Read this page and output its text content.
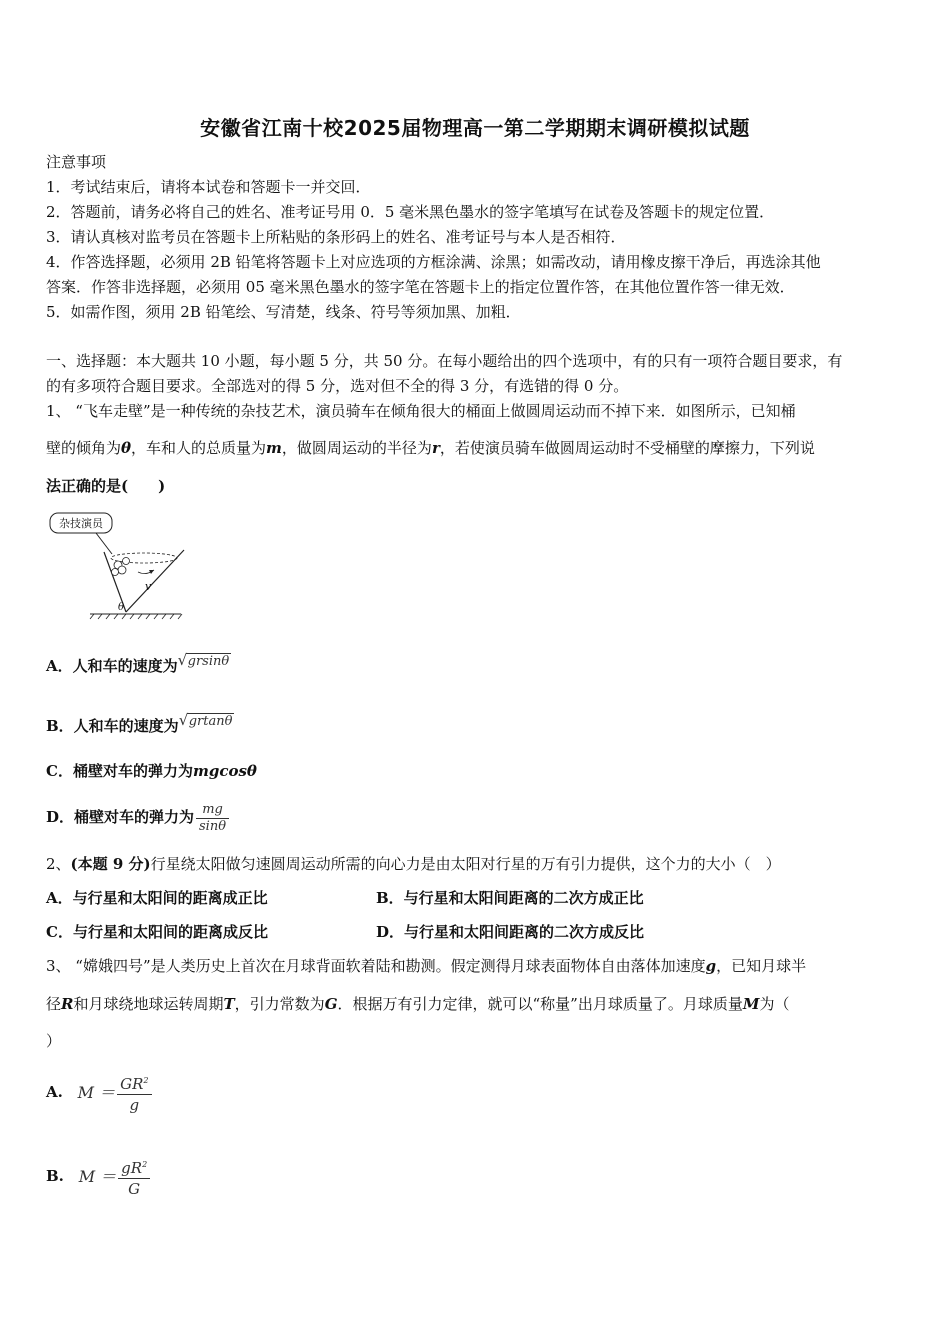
安徽省江南十校2025届物理高一第二学期期末调研模拟试题
注意事项
1．考试结束后，请将本试卷和答题卡一并交回．
2．答题前，请务必将自己的姓名、准考证号用 0．5 毫米黑色墨水的签字笔填写在试卷及答题卡的规定位置．
3．请认真核对监考员在答题卡上所粘贴的条形码上的姓名、准考证号与本人是否相符．
4．作答选择题，必须用 2B 铅笔将答题卡上对应选项的方框涂满、涂黑；如需改动，请用橡皮擦干净后，再选涂其他
答案．作答非选择题，必须用 05 毫米黑色墨水的签字笔在答题卡上的指定位置作答，在其他位置作答一律无效．
5．如需作图，须用 2B 铅笔绘、写清楚，线条、符号等须加黑、加粗．
一、选择题：本大题共 10 小题，每小题 5 分，共 50 分。在每小题给出的四个选项中，有的只有一项符合题目要求，有
的有多项符合题目要求。全部选对的得 5 分，选对但不全的得 3 分，有选错的得 0 分。
1、 “飞车走壁”是一种传统的杂技艺术，演员骑车在倾角很大的桶面上做圆周运动而不掉下来．如图所示，已知桶
壁的倾角为θ，车和人的总质量为m，做圆周运动的半径为r，若使演员骑车做圆周运动时不受桶壁的摩擦力，下列说
法正确的是(　　)
杂技演员
v
θ
A．人和车的速度为 √ grsinθ
B．人和车的速度为 √ grtanθ
C．桶壁对车的弹力为mgcosθ
D．桶壁对车的弹力为 $\frac{mg}{\sin\theta}$
2、(本题 9 分)行星绕太阳做匀速圆周运动所需的向心力是由太阳对行星的万有引力提供，这个力的大小（　）
A．与行星和太阳间的距离成正比	B．与行星和太阳间距离的二次方成正比
C．与行星和太阳间的距离成反比	D．与行星和太阳间距离的二次方成反比
3、 “嫦娥四号”是人类历史上首次在月球背面软着陆和勘测。假定测得月球表面物体自由落体加速度g，已知月球半
径R和月球绕地球运转周期T，引力常数为G．根据万有引力定律，就可以“称量”出月球质量了。月球质量M为（
）
A. $M = \frac{GR^2}{g}$
B. $M = \frac{gR^2}{G}$
